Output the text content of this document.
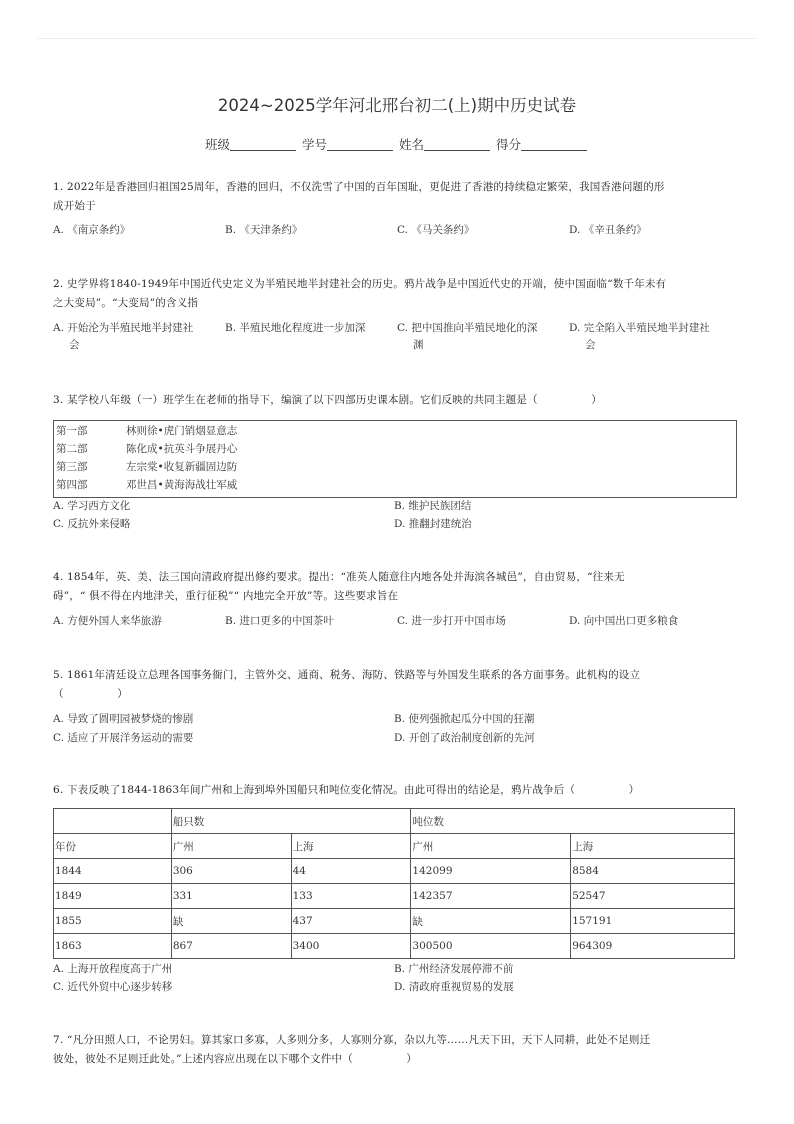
2024~2025学年河北邢台初二(上)期中历史试卷
班级	学号	姓名	得分
1. 2022年是香港回归祖国25周年，香港的回归，不仅洗雪了中国的百年国耻，更促进了香港的持续稳定繁荣，我国香港问题的形
成开始于
A. 《南京条约》	B. 《天津条约》	C. 《马关条约》	D. 《辛丑条约》
2. 史学界将1840-1949年中国近代史定义为半殖民地半封建社会的历史。鸦片战争是中国近代史的开端，使中国面临“数千年未有
之大变局”。“大变局”的含义指
A. 开始沦为半殖民地半封建社
会
B. 半殖民地化程度进一步加深	C. 把中国推向半殖民地化的深
渊
D. 完全陷入半殖民地半封建社
会
3. 某学校八年级（一）班学生在老师的指导下，编演了以下四部历史课本剧。它们反映的共同主题是（　　　　　）
第一部	林则徐•虎门销烟显意志
第二部	陈化成•抗英斗争展丹心
第三部	左宗棠•收复新疆固边防
第四部	邓世昌•黄海海战壮军威
A. 学习西方文化	B. 维护民族团结
C. 反抗外来侵略	D. 推翻封建统治
4. 1854年，英、美、法三国向清政府提出修约要求。提出：“准英人随意往内地各处并海滨各城邑”，自由贸易，“往来无
碍”，“ 俱不得在内地津关，重行征税”“ 内地完全开放”等。这些要求旨在
A. 方便外国人来华旅游	B. 进口更多的中国茶叶	C. 进一步打开中国市场	D. 向中国出口更多粮食
5. 1861年清廷设立总理各国事务衙门，主管外交、通商、税务、海防、铁路等与外国发生联系的各方面事务。此机构的设立
（　　　　　）
A. 导致了圆明园被梦烧的惨剧	B. 使列强掀起瓜分中国的狂潮
C. 适应了开展洋务运动的需要	D. 开创了政治制度创新的先河
6. 下表反映了1844-1863年间广州和上海到埠外国船只和吨位变化情况。由此可得出的结论是，鸦片战争后（　　　　　）
	船只数		吨位数	
年份	广州	上海	广州	上海
1844	306	44	142099	8584
1849	331	133	142357	52547
1855	缺	437	缺	157191
1863	867	3400	300500	964309
A. 上海开放程度高于广州	B. 广州经济发展停滞不前
C. 近代外贸中心逐步转移	D. 清政府重视贸易的发展
7. “凡分田照人口，不论男妇。算其家口多寡，人多则分多，人寡则分寡，杂以九等……凡天下田，天下人同耕，此处不足则迁
彼处，彼处不足则迁此处。”上述内容应出现在以下哪个文件中（　　　　　）
